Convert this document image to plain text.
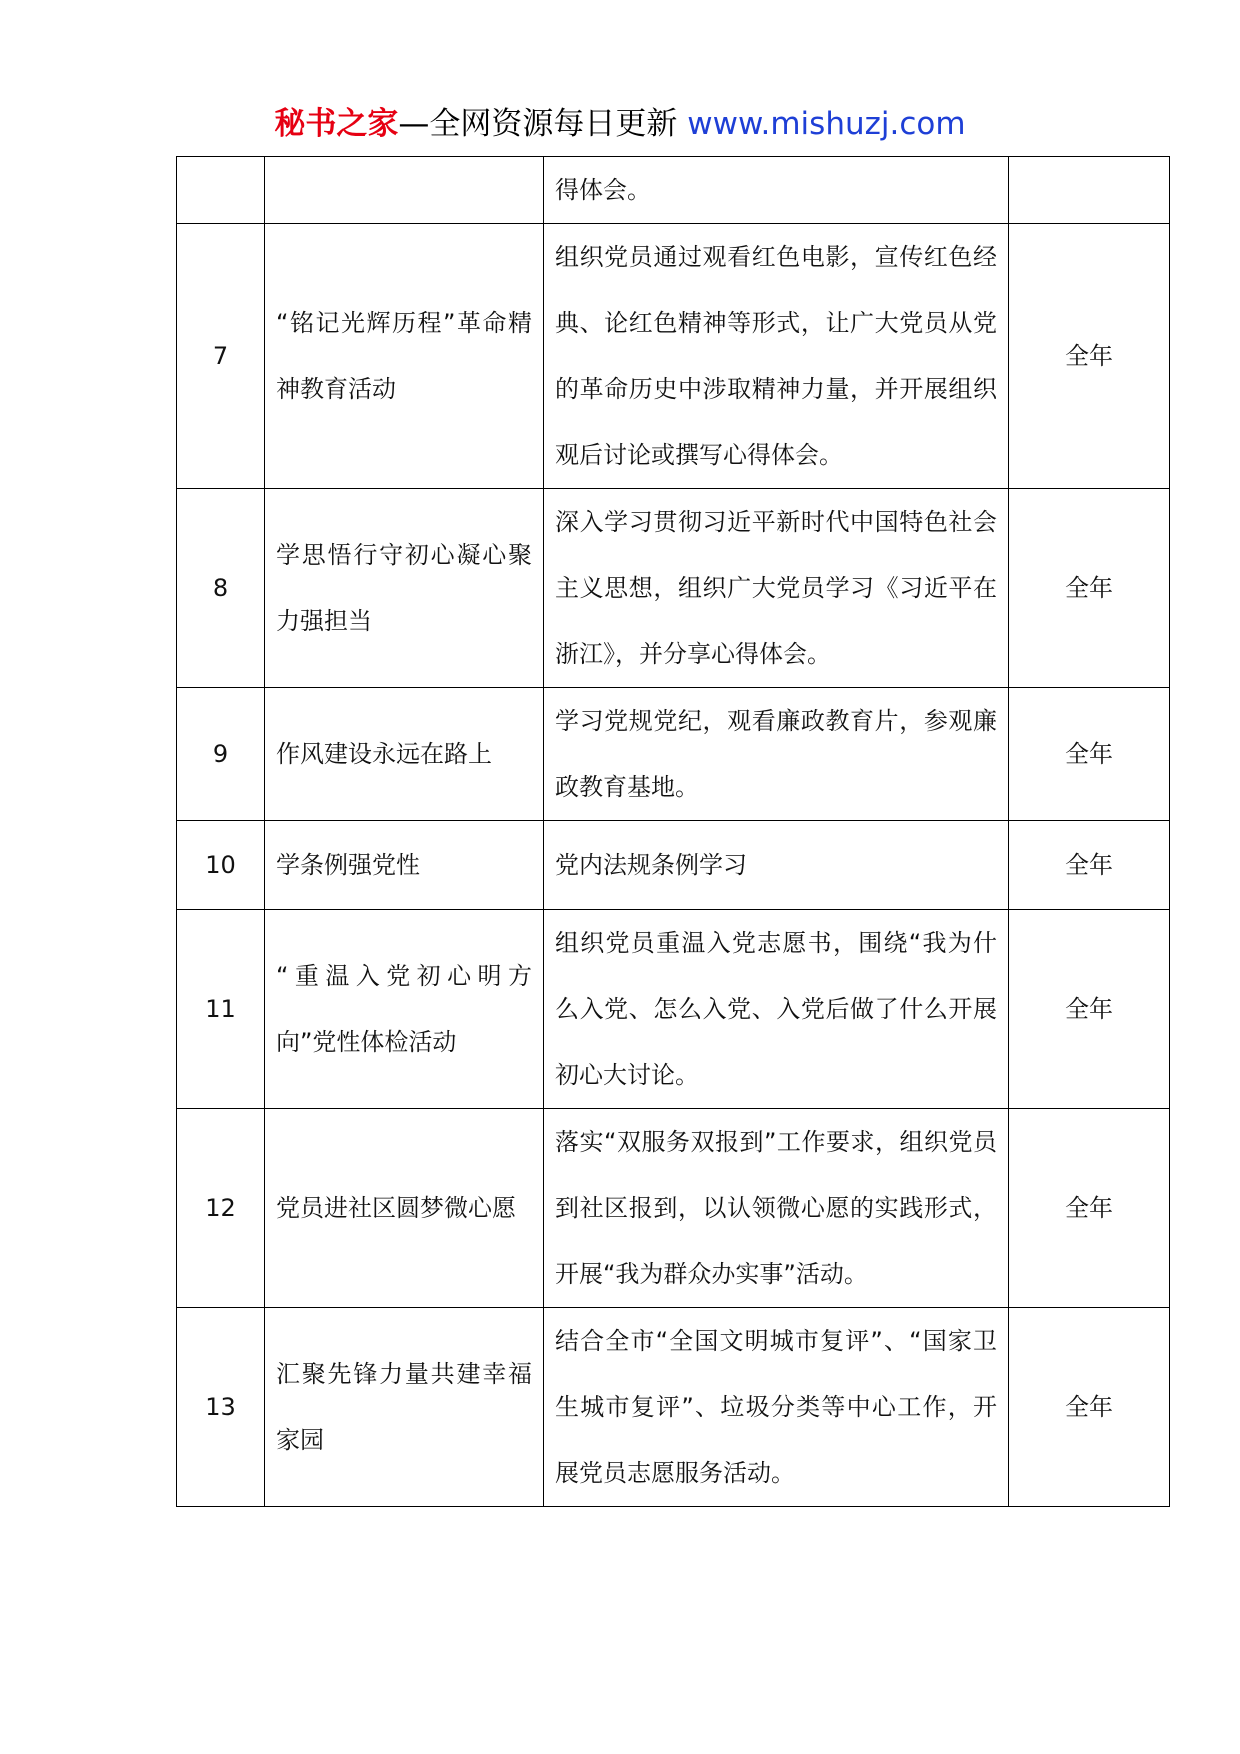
秘书之家—全网资源每日更新 www.mishuzj.com
		得体会。	
7	“铭记光辉历程”革命精神教育活动	组织党员通过观看红色电影，宣传红色经典、论红色精神等形式，让广大党员从党的革命历史中涉取精神力量，并开展组织观后讨论或撰写心得体会。	全年
8	学思悟行守初心凝心聚力强担当	深入学习贯彻习近平新时代中国特色社会主义思想，组织广大党员学习《习近平在浙江》，并分享心得体会。	全年
9	作风建设永远在路上	学习党规党纪，观看廉政教育片，参观廉政教育基地。	全年
10	学条例强党性	党内法规条例学习	全年
11	“重温入党初心明方向”党性体检活动	组织党员重温入党志愿书，围绕“我为什么入党、怎么入党、入党后做了什么开展初心大讨论。	全年
12	党员进社区圆梦微心愿	落实“双服务双报到”工作要求，组织党员到社区报到，以认领微心愿的实践形式，开展“我为群众办实事”活动。	全年
13	汇聚先锋力量共建幸福家园	结合全市“全国文明城市复评”、“国家卫生城市复评”、垃圾分类等中心工作，开展党员志愿服务活动。	全年
